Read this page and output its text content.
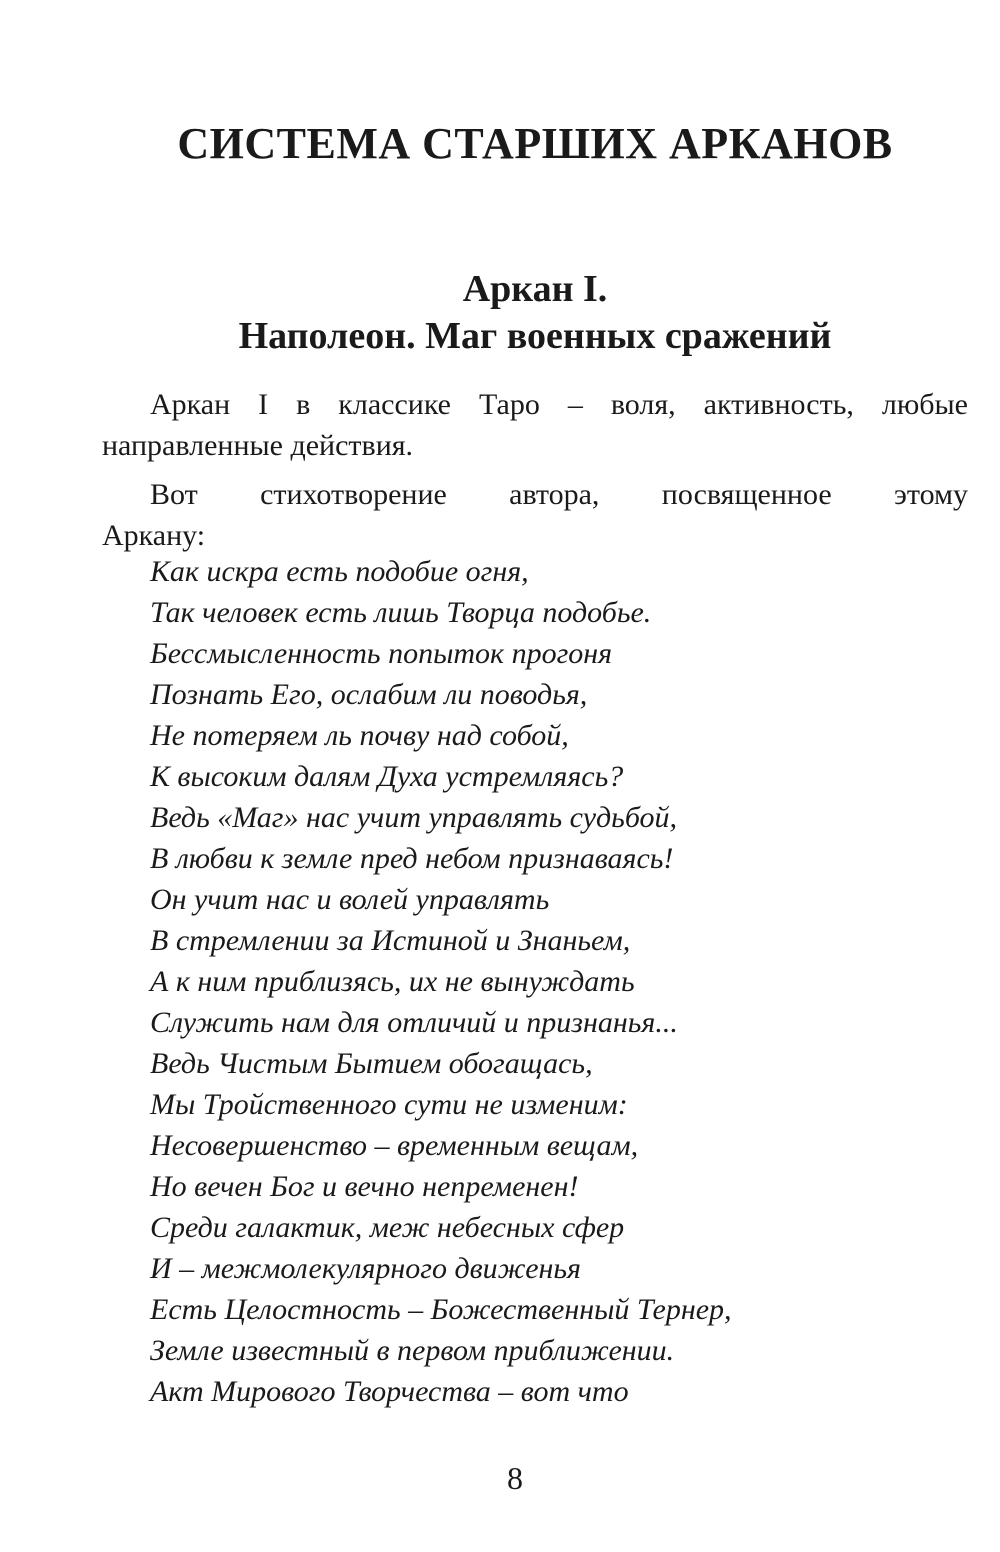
СИСТЕМА СТАРШИХ АРКАНОВ
Аркан I.
Наполеон. Маг военных сражений

Аркан I в классике Таро – воля, активность, любые
направленные действия.

Вот стихотворение автора, посвященное этому
Аркану:

Как искра есть подобие огня,
Так человек есть лишь Творца подобье.
Бессмысленность попыток прогоня
Познать Его, ослабим ли поводья,
Не потеряем ль почву над собой,
К высоким далям Духа устремляясь?
Ведь «Маг» нас учит управлять судьбой,
В любви к земле пред небом признаваясь!
Он учит нас и волей управлять
В стремлении за Истиной и Знаньем,
А к ним приблизясь, их не вынуждать
Служить нам для отличий и признанья...
Ведь Чистым Бытием обогащась,
Мы Тройственного сути не изменим:
Несовершенство – временным вещам,
Но вечен Бог и вечно непременен!
Среди галактик, меж небесных сфер
И – межмолекулярного движенья
Есть Целостность – Божественный Тернер,
Земле известный в первом приближении.
Акт Мирового Творчества – вот что
8
